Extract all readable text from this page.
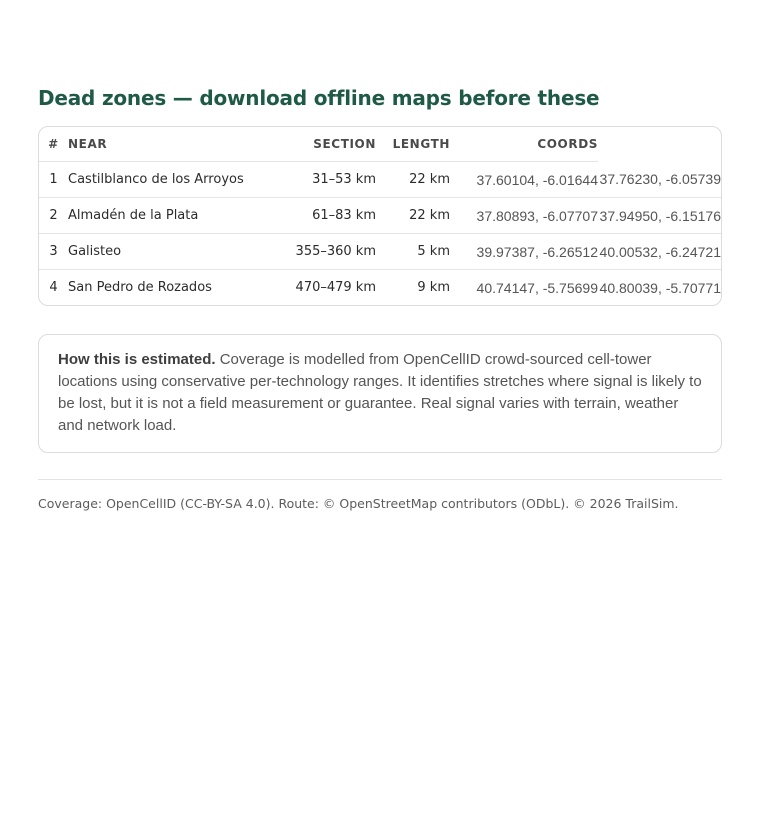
Dead zones — download offline maps before these
#	NEAR	SECTION	LENGTH	COORDS	
1	Castilblanco de los Arroyos	31–53 km	22 km	37.60104, -6.01644	37.76230, -6.05739
2	Almadén de la Plata	61–83 km	22 km	37.80893, -6.07707	37.94950, -6.15176
3	Galisteo	355–360 km	5 km	39.97387, -6.26512	40.00532, -6.24721
4	San Pedro de Rozados	470–479 km	9 km	40.74147, -5.75699	40.80039, -5.70771
How this is estimated. Coverage is modelled from OpenCellID crowd-sourced cell-tower locations using conservative per-technology ranges. It identifies stretches where signal is likely to be lost, but it is not a field measurement or guarantee. Real signal varies with terrain, weather and network load.
Coverage: OpenCellID (CC-BY-SA 4.0). Route: © OpenStreetMap contributors (ODbL). © 2026 TrailSim.
